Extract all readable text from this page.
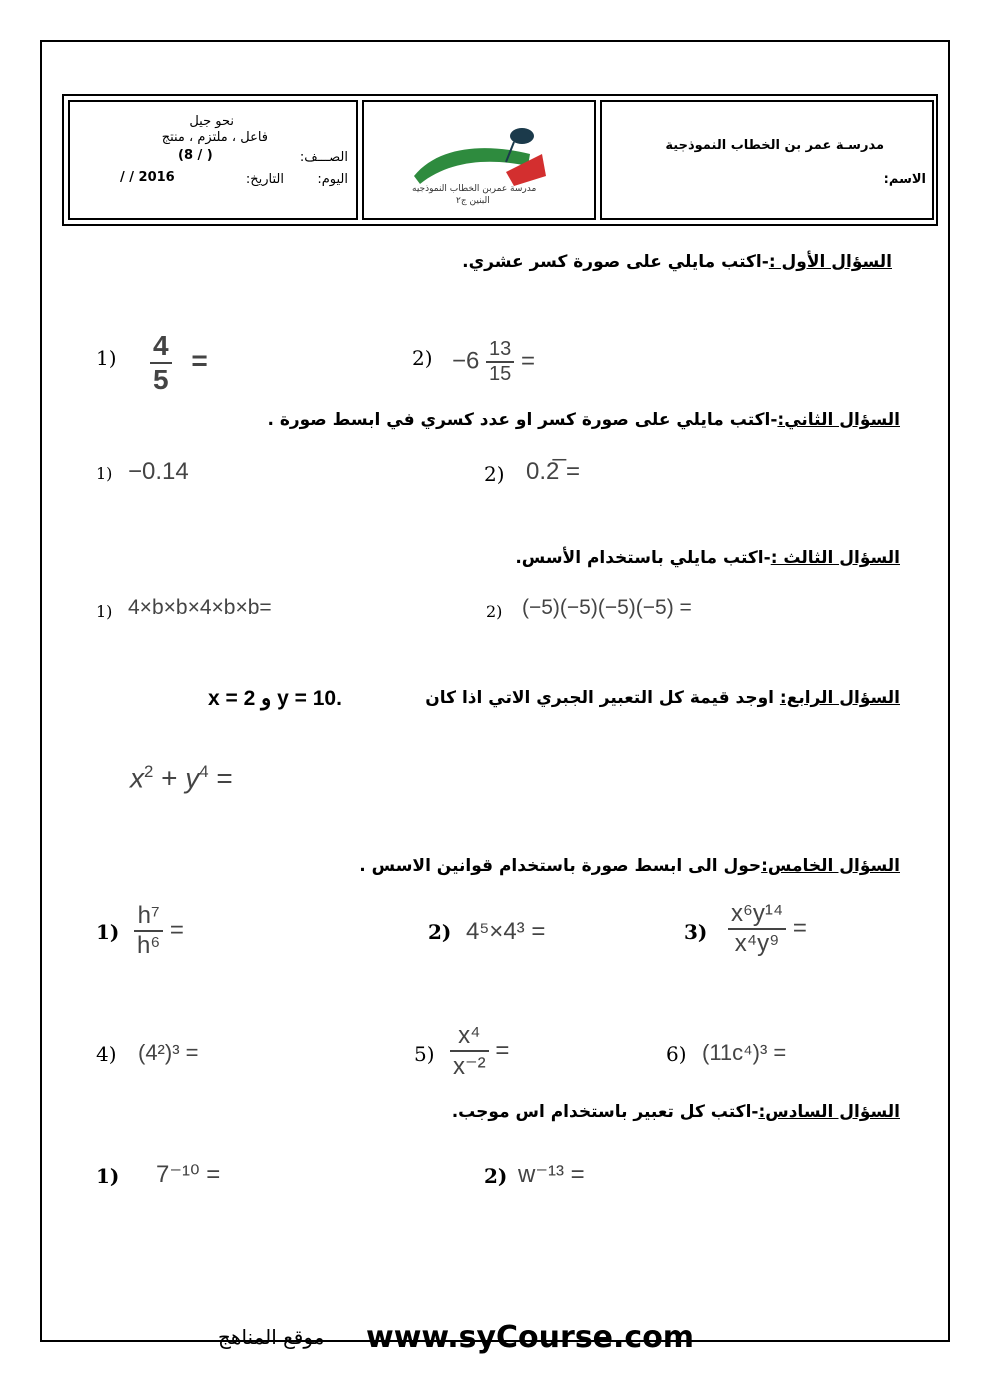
مدرسـة عمر بن الخطاب النموذجية
الاسم:
مدرسة عمربن الخطاب النموذجيه
البنين ج٢
نحو جيل
فاعل ، ملتزم ، منتج
الصـــف:
(8 / )
اليوم:
التاريخ:
/ / 2016
السؤال الأول :-اكتب مايلي على صورة كسر عشري.
$1) \frac{4}{5}$ =	$2) -6 \frac{13}{15}$ =
السؤال الثاني:-اكتب مايلي على صورة كسر او عدد كسري في ابسط صورة .
1) −0.14	2) 0.2̅ =
السؤال الثالث :-اكتب مايلي باستخدام الأسس.
1) 4×b×b×4×b×b=	2) (−5)(−5)(−5)(−5) =
السؤال الرابع: اوجد قيمة كل التعبير الجبري الاتي اذا كان
x = 2 و y = 10.
$x^2 + y^4$ =
السؤال الخامس:حول الى ابسط صورة باستخدام قوانين الاسس .
$1) \frac{\text{h⁷}}{\text{h⁶}}$ =	2) 4⁵×4³ =	$3) \frac{\text{x⁶y¹⁴}}{\text{x⁴y⁹}}$ =
4) (4²)³ =	$5) \frac{\text{x⁴}}{\text{x⁻²}}$ =	6) (11c⁴)³ =
السؤال السادس:-اكتب كل تعبير باستخدام اس موجب.
1) 7⁻¹⁰ =	2) w⁻¹³ =
موقع المناهج www.syCourse.com
